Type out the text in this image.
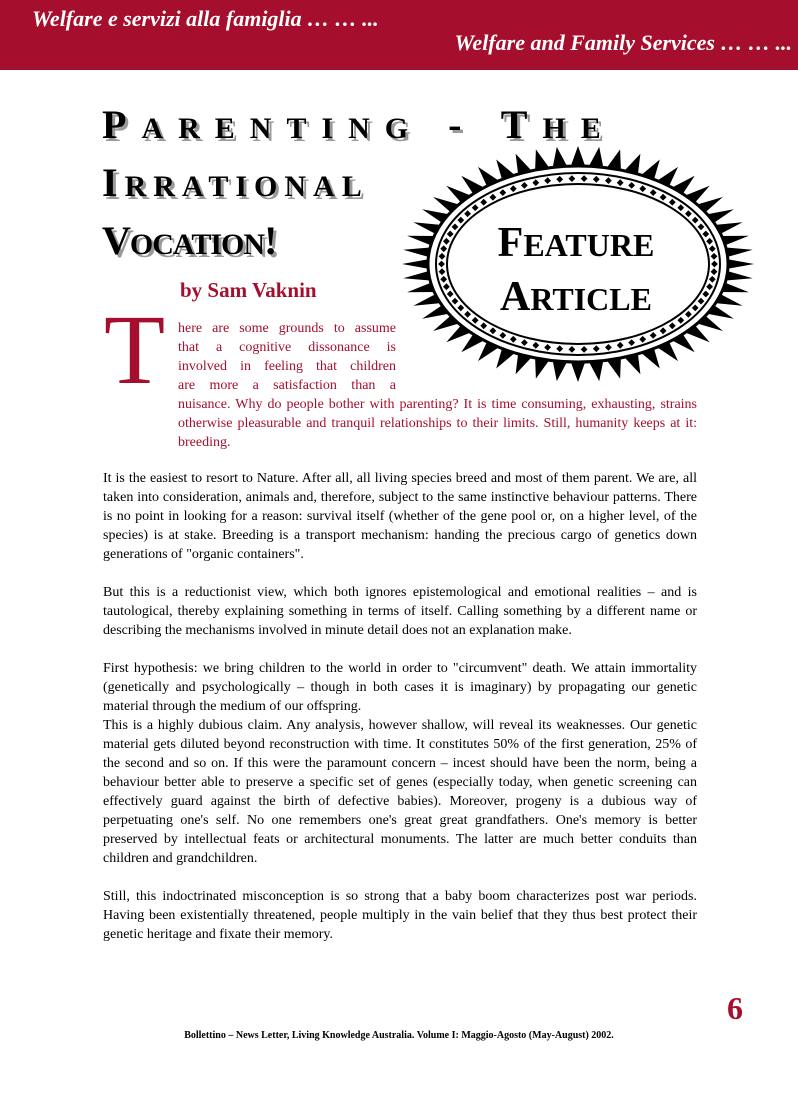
Welfare e servizi alla famiglia … … ...
Welfare and Family Services … … ...
PARENTING - THE
IRRATIONAL
VOCATION!	FEATURE
ARTICLE
by Sam Vaknin
T here are some grounds to assume
that a cognitive dissonance is
involved in feeling that children
are more a satisfaction than a
nuisance. Why do people bother with parenting? It is time consuming, exhausting, strains otherwise pleasurable and tranquil relationships to their limits. Still, humanity keeps at it: breeding.

It is the easiest to resort to Nature. After all, all living species breed and most of them parent. We are, all taken into consideration, animals and, therefore, subject to the same instinctive behaviour patterns. There is no point in looking for a reason: survival itself (whether of the gene pool or, on a higher level, of the species) is at stake. Breeding is a transport mechanism: handing the precious cargo of genetics down generations of "organic containers".

But this is a reductionist view, which both ignores epistemological and emotional realities – and is tautological, thereby explaining something in terms of itself. Calling something by a different name or describing the mechanisms involved in minute detail does not an explanation make.

First hypothesis: we bring children to the world in order to "circumvent" death. We attain immortality (genetically and psychologically – though in both cases it is imaginary) by propagating our genetic material through the medium of our offspring.

This is a highly dubious claim. Any analysis, however shallow, will reveal its weaknesses. Our genetic material gets diluted beyond reconstruction with time. It constitutes 50% of the first generation, 25% of the second and so on. If this were the paramount concern – incest should have been the norm, being a behaviour better able to preserve a specific set of genes (especially today, when genetic screening can effectively guard against the birth of defective babies). Moreover, progeny is a dubious way of perpetuating one's self. No one remembers one's great great grandfathers. One's memory is better preserved by intellectual feats or architectural monuments. The latter are much better conduits than children and grandchildren.

Still, this indoctrinated misconception is so strong that a baby boom characterizes post war periods. Having been existentially threatened, people multiply in the vain belief that they thus best protect their genetic heritage and fixate their memory.

6
Bollettino – News Letter, Living Knowledge Australia. Volume I: Maggio-Agosto (May-August) 2002.
